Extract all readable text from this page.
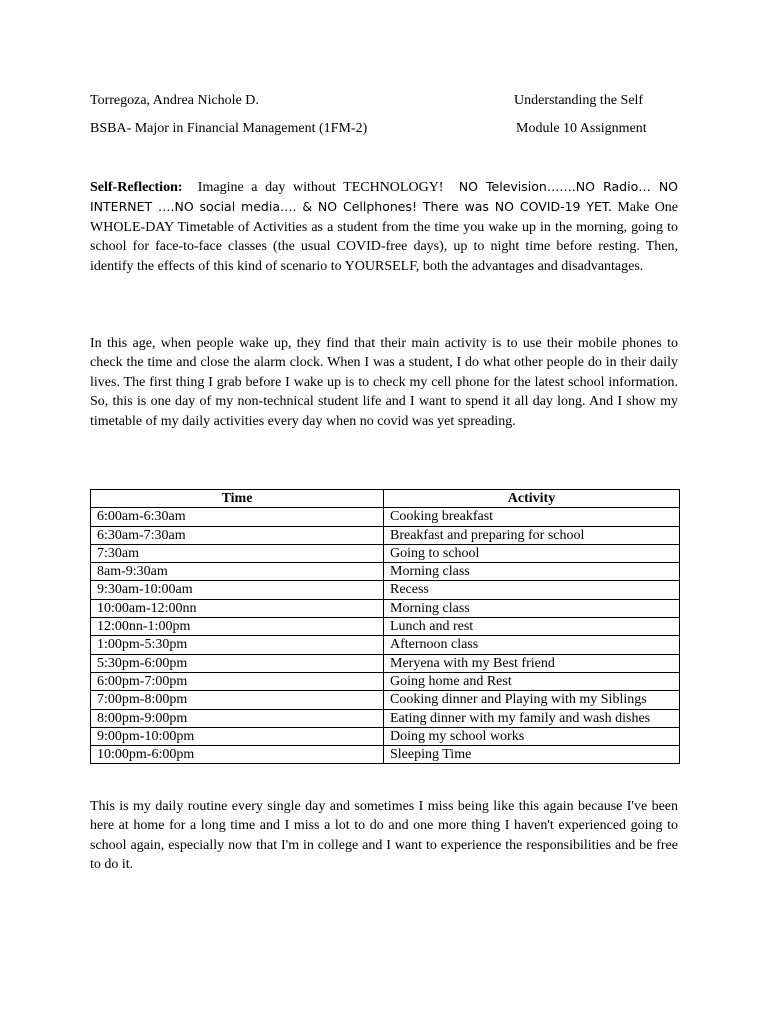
Torregoza, Andrea Nichole D.	Understanding the Self
BSBA- Major in Financial Management (1FM-2)	Module 10 Assignment

Self-Reflection: Imagine a day without TECHNOLOGY! NO Television…….NO Radio… NO INTERNET ….NO social media…. & NO Cellphones! There was NO COVID-19 YET. Make One WHOLE-DAY Timetable of Activities as a student from the time you wake up in the morning, going to school for face-to-face classes (the usual COVID-free days), up to night time before resting. Then, identify the effects of this kind of scenario to YOURSELF, both the advantages and disadvantages.

In this age, when people wake up, they find that their main activity is to use their mobile phones to check the time and close the alarm clock. When I was a student, I do what other people do in their daily lives. The first thing I grab before I wake up is to check my cell phone for the latest school information. So, this is one day of my non-technical student life and I want to spend it all day long. And I show my timetable of my daily activities every day when no covid was yet spreading.

Time	Activity
6:00am-6:30am	Cooking breakfast
6:30am-7:30am	Breakfast and preparing for school
7:30am	Going to school
8am-9:30am	Morning class
9:30am-10:00am	Recess
10:00am-12:00nn	Morning class
12:00nn-1:00pm	Lunch and rest
1:00pm-5:30pm	Afternoon class
5:30pm-6:00pm	Meryena with my Best friend
6:00pm-7:00pm	Going home and Rest
7:00pm-8:00pm	Cooking dinner and Playing with my Siblings
8:00pm-9:00pm	Eating dinner with my family and wash dishes
9:00pm-10:00pm	Doing my school works
10:00pm-6:00pm	Sleeping Time

This is my daily routine every single day and sometimes I miss being like this again because I've been here at home for a long time and I miss a lot to do and one more thing I haven't experienced going to school again, especially now that I'm in college and I want to experience the responsibilities and be free to do it.
